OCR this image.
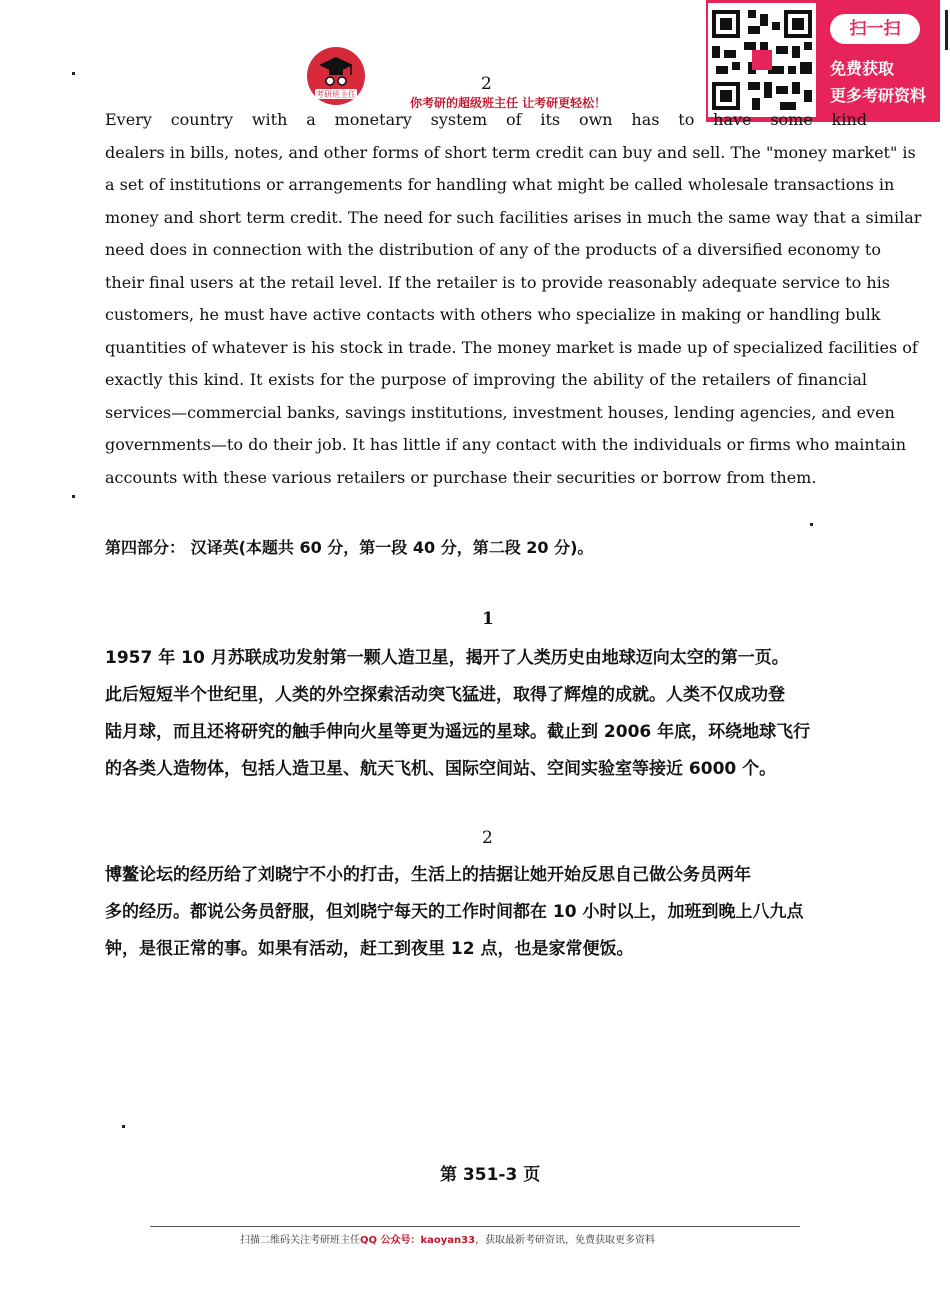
考研班主任
2
你考研的超级班主任 让考研更轻松！
扫一扫
免费获取
更多考研资料
Every country with a monetary system of its own has to have some kind
dealers in bills, notes, and other forms of short term credit can buy and sell. The "money market" is
a set of institutions or arrangements for handling what might be called wholesale transactions in
money and short term credit. The need for such facilities arises in much the same way that a similar
need does in connection with the distribution of any of the products of a diversified economy to
their final users at the retail level. If the retailer is to provide reasonably adequate service to his
customers, he must have active contacts with others who specialize in making or handling bulk
quantities of whatever is his stock in trade. The money market is made up of specialized facilities of
exactly this kind. It exists for the purpose of improving the ability of the retailers of financial
services—commercial banks, savings institutions, investment houses, lending agencies, and even
governments—to do their job. It has little if any contact with the individuals or firms who maintain
accounts with these various retailers or purchase their securities or borrow from them.
第四部分： 汉译英(本题共 60 分，第一段 40 分，第二段 20 分)。
1
1957 年 10 月苏联成功发射第一颗人造卫星，揭开了人类历史由地球迈向太空的第一页。
此后短短半个世纪里，人类的外空探索活动突飞猛进，取得了辉煌的成就。人类不仅成功登
陆月球，而且还将研究的触手伸向火星等更为遥远的星球。截止到 2006 年底，环绕地球飞行
的各类人造物体，包括人造卫星、航天飞机、国际空间站、空间实验室等接近 6000 个。
2
博鳌论坛的经历给了刘晓宁不小的打击，生活上的拮据让她开始反思自己做公务员两年
多的经历。都说公务员舒服，但刘晓宁每天的工作时间都在 10 小时以上，加班到晚上八九点
钟，是很正常的事。如果有活动，赶工到夜里 12 点，也是家常便饭。
第 351-3 页
扫描二维码关注考研班主任QQ 公众号：kaoyan33，获取最新考研资讯，免费获取更多资料
